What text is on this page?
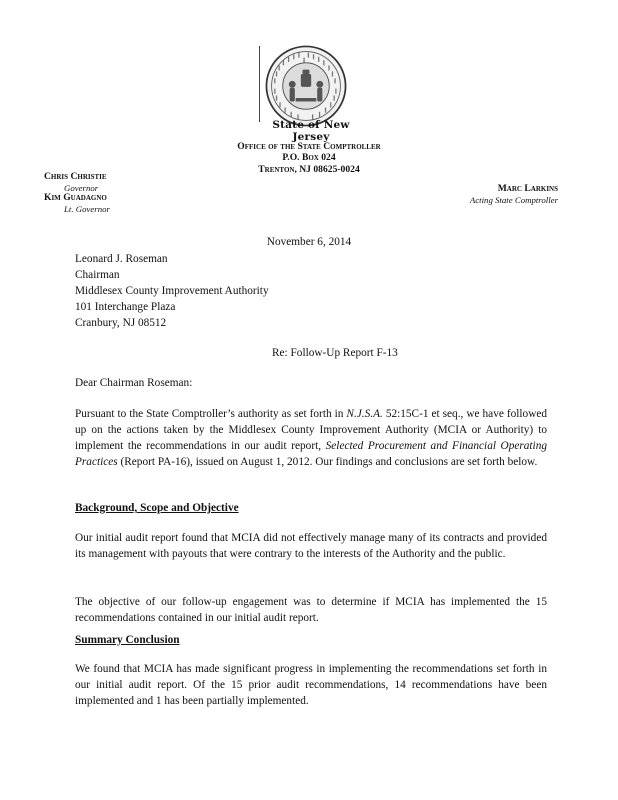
State of New Jersey
Office of the State Comptroller
P.O. Box 024
Trenton, NJ 08625-0024
Chris Christie
Governor
Kim Guadagno
Lt. Governor
Marc Larkins
Acting State Comptroller
November 6, 2014
Leonard J. Roseman
Chairman
Middlesex County Improvement Authority
101 Interchange Plaza
Cranbury, NJ 08512
Re: Follow-Up Report F-13
Dear Chairman Roseman:
Pursuant to the State Comptroller’s authority as set forth in N.J.S.A. 52:15C-1 et seq., we have followed up on the actions taken by the Middlesex County Improvement Authority (MCIA or Authority) to implement the recommendations in our audit report, Selected Procurement and Financial Operating Practices (Report PA-16), issued on August 1, 2012. Our findings and conclusions are set forth below.
Background, Scope and Objective
Our initial audit report found that MCIA did not effectively manage many of its contracts and provided its management with payouts that were contrary to the interests of the Authority and the public.
The objective of our follow-up engagement was to determine if MCIA has implemented the 15 recommendations contained in our initial audit report.
Summary Conclusion
We found that MCIA has made significant progress in implementing the recommendations set forth in our initial audit report. Of the 15 prior audit recommendations, 14 recommendations have been implemented and 1 has been partially implemented.
